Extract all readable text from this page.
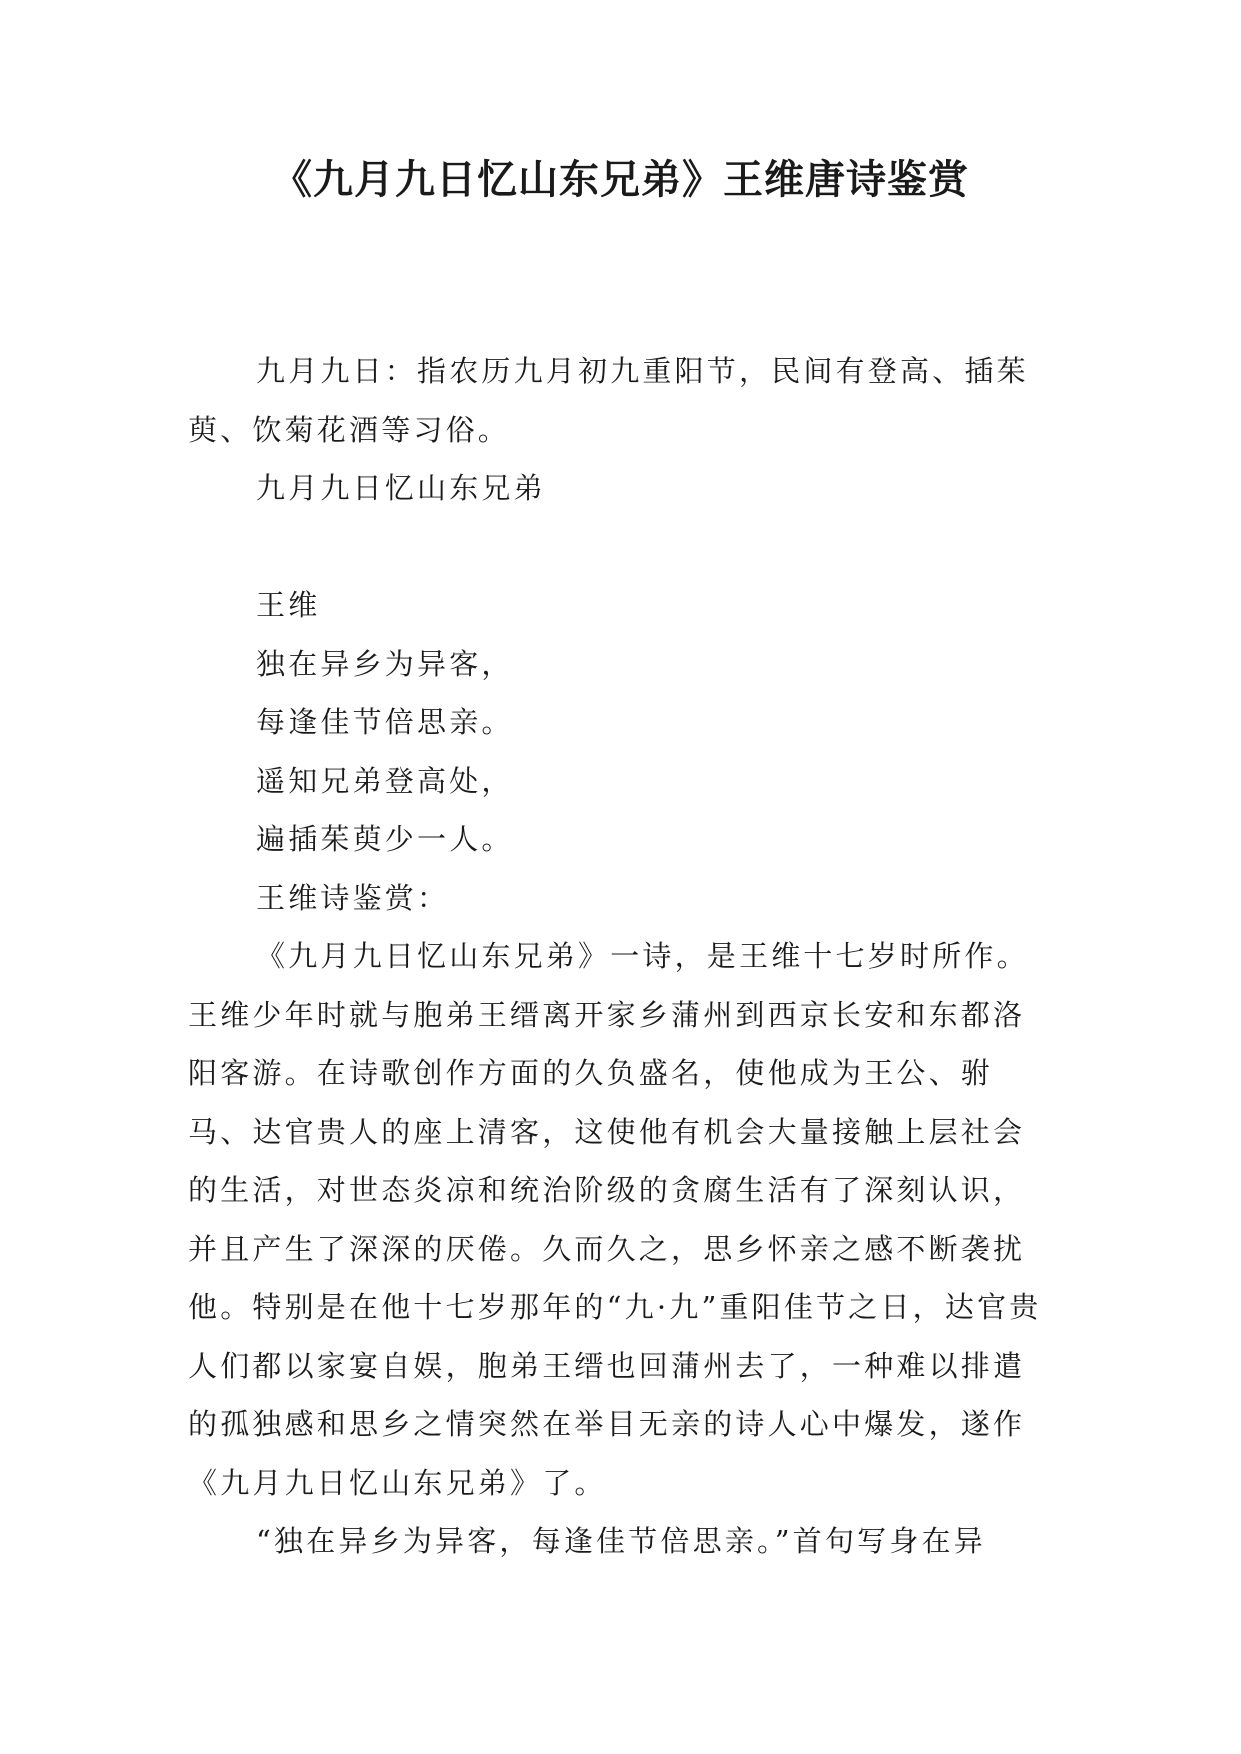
《九月九日忆山东兄弟》王维唐诗鉴赏

九月九日：指农历九月初九重阳节，民间有登高、插茱萸、饮菊花酒等习俗。

九月九日忆山东兄弟

王维

独在异乡为异客，

每逢佳节倍思亲。

遥知兄弟登高处，

遍插茱萸少一人。

王维诗鉴赏：

《九月九日忆山东兄弟》一诗，是王维十七岁时所作。王维少年时就与胞弟王缙离开家乡蒲州到西京长安和东都洛阳客游。在诗歌创作方面的久负盛名，使他成为王公、驸马、达官贵人的座上清客，这使他有机会大量接触上层社会的生活，对世态炎凉和统治阶级的贪腐生活有了深刻认识，并且产生了深深的厌倦。久而久之，思乡怀亲之感不断袭扰他。特别是在他十七岁那年的“九·九”重阳佳节之日，达官贵人们都以家宴自娱，胞弟王缙也回蒲州去了，一种难以排遣的孤独感和思乡之情突然在举目无亲的诗人心中爆发，遂作《九月九日忆山东兄弟》了。

“独在异乡为异客，每逢佳节倍思亲。”首句写身在异
